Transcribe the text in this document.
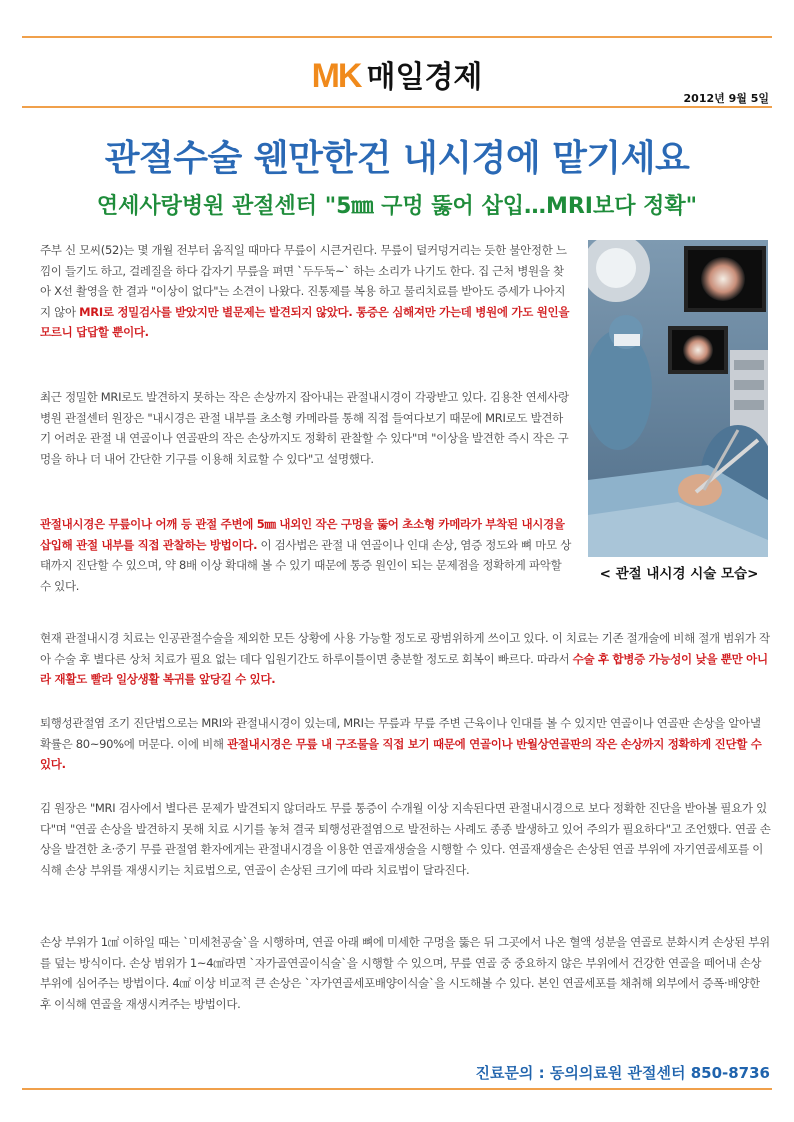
MK 매일경제
2012년 9월 5일
관절수술 웬만한건 내시경에 맡기세요
연세사랑병원 관절센터 "5㎜ 구멍 뚫어 삽입…MRI보다 정확"

주부 신 모씨(52)는 몇 개월 전부터 움직일 때마다 무릎이 시큰거린다. 무릎이 덜커덩거리는 듯한 불안정한 느낌이 들기도 하고, 걸레질을 하다 갑자기 무릎을 펴면 `두두둑~` 하는 소리가 나기도 한다. 집 근처 병원을 찾아 X선 촬영을 한 결과 "이상이 없다"는 소견이 나왔다. 진통제를 복용 하고 물리치료를 받아도 증세가 나아지지 않아 MRI로 정밀검사를 받았지만 별문제는 발견되지 않았다. 통증은 심해져만 가는데 병원에 가도 원인을 모르니 답답할 뿐이다.

최근 정밀한 MRI로도 발견하지 못하는 작은 손상까지 잡아내는 관절내시경이 각광받고 있다. 김용찬 연세사랑병원 관절센터 원장은 "내시경은 관절 내부를 초소형 카메라를 통해 직접 들여다보기 때문에 MRI로도 발견하기 어려운 관절 내 연골이나 연골판의 작은 손상까지도 정확히 관찰할 수 있다"며 "이상을 발견한 즉시 작은 구멍을 하나 더 내어 간단한 기구를 이용해 치료할 수 있다"고 설명했다.

관절내시경은 무릎이나 어깨 등 관절 주변에 5㎜ 내외인 작은 구멍을 뚫어 초소형 카메라가 부착된 내시경을 삽입해 관절 내부를 직접 관찰하는 방법이다. 이 검사법은 관절 내 연골이나 인대 손상, 염증 정도와 뼈 마모 상태까지 진단할 수 있으며, 약 8배 이상 확대해 볼 수 있기 때문에 통증 원인이 되는 문제점을 정확하게 파악할 수 있다.

< 관절 내시경 시술 모습>

현재 관절내시경 치료는 인공관절수술을 제외한 모든 상황에 사용 가능할 정도로 광범위하게 쓰이고 있다. 이 치료는 기존 절개술에 비해 절개 범위가 작아 수술 후 별다른 상처 치료가 필요 없는 데다 입원기간도 하루이틀이면 충분할 정도로 회복이 빠르다. 따라서 수술 후 합병증 가능성이 낮을 뿐만 아니라 재활도 빨라 일상생활 복귀를 앞당길 수 있다.

퇴행성관절염 조기 진단법으로는 MRI와 관절내시경이 있는데, MRI는 무릎과 무릎 주변 근육이나 인대를 볼 수 있지만 연골이나 연골판 손상을 알아낼 확률은 80~90%에 머문다. 이에 비해 관절내시경은 무릎 내 구조물을 직접 보기 때문에 연골이나 반월상연골판의 작은 손상까지 정확하게 진단할 수 있다.

김 원장은 "MRI 검사에서 별다른 문제가 발견되지 않더라도 무릎 통증이 수개월 이상 지속된다면 관절내시경으로 보다 정확한 진단을 받아볼 필요가 있다"며 "연골 손상을 발견하지 못해 치료 시기를 놓쳐 결국 퇴행성관절염으로 발전하는 사례도 종종 발생하고 있어 주의가 필요하다"고 조언했다. 연골 손상을 발견한 초·중기 무릎 관절염 환자에게는 관절내시경을 이용한 연골재생술을 시행할 수 있다. 연골재생술은 손상된 연골 부위에 자기연골세포를 이식해 손상 부위를 재생시키는 치료법으로, 연골이 손상된 크기에 따라 치료법이 달라진다.

손상 부위가 1㎠ 이하일 때는 `미세천공술`을 시행하며, 연골 아래 뼈에 미세한 구멍을 뚫은 뒤 그곳에서 나온 혈액 성분을 연골로 분화시켜 손상된 부위를 덮는 방식이다. 손상 범위가 1~4㎠라면 `자가골연골이식술`을 시행할 수 있으며, 무릎 연골 중 중요하지 않은 부위에서 건강한 연골을 떼어내 손상 부위에 심어주는 방법이다. 4㎠ 이상 비교적 큰 손상은 `자가연골세포배양이식술`을 시도해볼 수 있다. 본인 연골세포를 채취해 외부에서 증폭·배양한 후 이식해 연골을 재생시켜주는 방법이다.

진료문의 : 동의의료원 관절센터 850-8736
